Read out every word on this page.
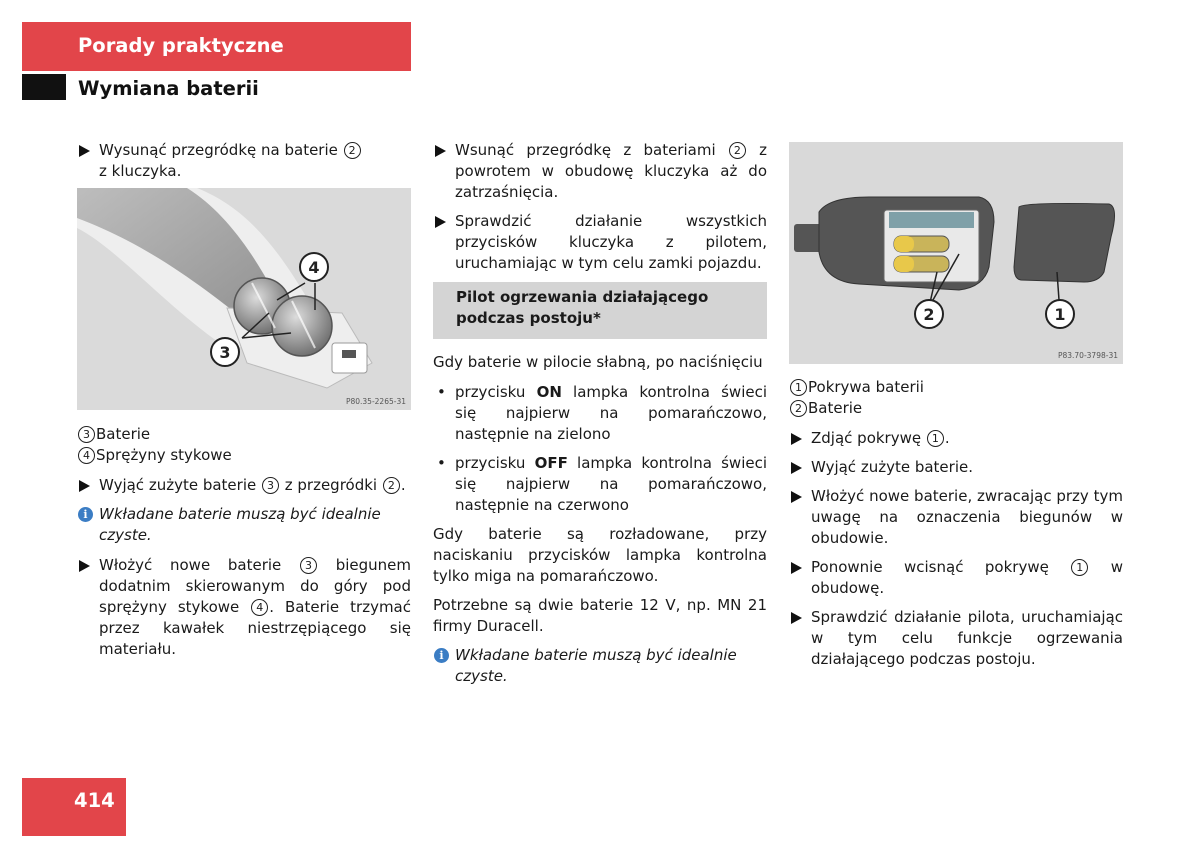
Porady praktyczne
Wymiana baterii
Wysunąć przegródkę na baterie 2
z kluczyka.
4
3
P80.35-2265-31
3 Baterie
4 Sprężyny stykowe
Wyjąć zużyte baterie 3 z przegródki 2 .
i Wkładane baterie muszą być idealnie czyste.
Włożyć nowe baterie 3 biegunem dodatnim skierowanym do góry pod sprężyny stykowe 4 . Baterie trzymać przez kawałek niestrzępiącego się materiału.
Wsunąć przegródkę z bateriami 2 z powrotem w obudowę kluczyka aż do zatrzaśnięcia.
Sprawdzić działanie wszystkich przycisków kluczyka z pilotem, uruchamiając w tym celu zamki pojazdu.
Pilot ogrzewania działającego podczas postoju*

Gdy baterie w pilocie słabną, po naciśnięciu

• przycisku ON lampka kontrolna świeci się najpierw na pomarańczowo, następnie na zielono
• przycisku OFF lampka kontrolna świeci się najpierw na pomarańczowo, następnie na czerwono

Gdy baterie są rozładowane, przy naciskaniu przycisków lampka kontrolna tylko miga na pomarańczowo.

Potrzebne są dwie baterie 12 V, np. MN 21 firmy Duracell.

i Wkładane baterie muszą być idealnie czyste.
2	1
P83.70-3798-31
1 Pokrywa baterii
2 Baterie
Zdjąć pokrywę 1 .
Wyjąć zużyte baterie.
Włożyć nowe baterie, zwracając przy tym uwagę na oznaczenia biegunów w obudowie.
Ponownie wcisnąć pokrywę 1 w obudowę.
Sprawdzić działanie pilota, uruchamiając w tym celu funkcje ogrzewania działającego podczas postoju.
414
